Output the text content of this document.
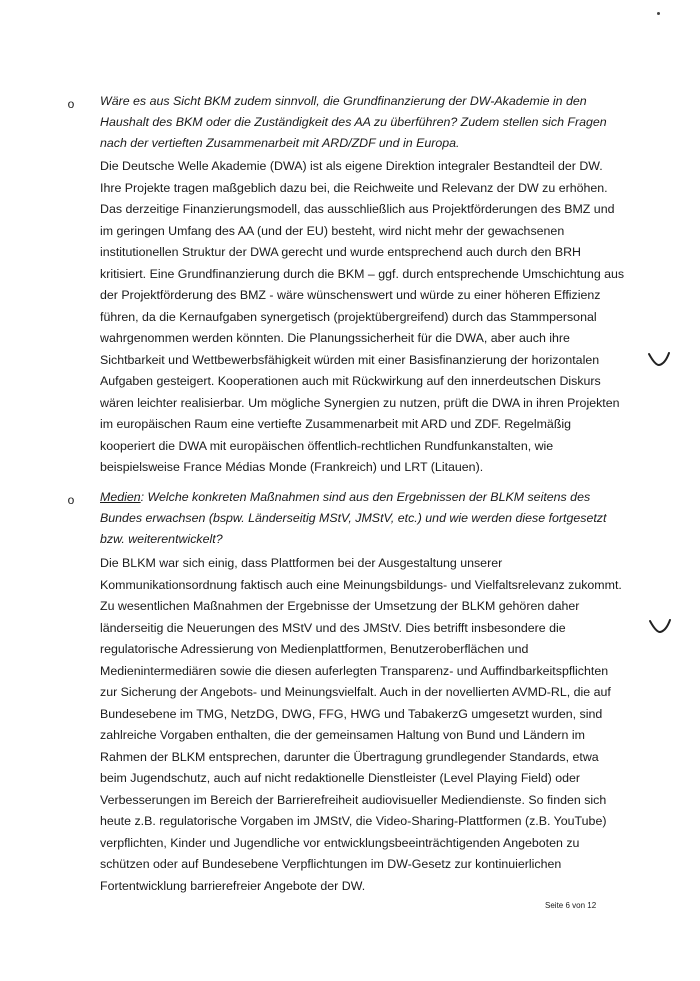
o Wäre es aus Sicht BKM zudem sinnvoll, die Grundfinanzierung der DW-Akademie in den Haushalt des BKM oder die Zuständigkeit des AA zu überführen? Zudem stellen sich Fragen nach der vertieften Zusammenarbeit mit ARD/ZDF und in Europa.

Die Deutsche Welle Akademie (DWA) ist als eigene Direktion integraler Bestandteil der DW. Ihre Projekte tragen maßgeblich dazu bei, die Reichweite und Relevanz der DW zu erhöhen. Das derzeitige Finanzierungsmodell, das ausschließlich aus Projektförderungen des BMZ und im geringen Umfang des AA (und der EU) besteht, wird nicht mehr der gewachsenen institutionellen Struktur der DWA gerecht und wurde entsprechend auch durch den BRH kritisiert. Eine Grundfinanzierung durch die BKM – ggf. durch entsprechende Umschichtung aus der Projektförderung des BMZ - wäre wünschenswert und würde zu einer höheren Effizienz führen, da die Kernaufgaben synergetisch (projektübergreifend) durch das Stammpersonal wahrgenommen werden könnten. Die Planungssicherheit für die DWA, aber auch ihre Sichtbarkeit und Wettbewerbsfähigkeit würden mit einer Basisfinanzierung der horizontalen Aufgaben gesteigert. Kooperationen auch mit Rückwirkung auf den innerdeutschen Diskurs wären leichter realisierbar. Um mögliche Synergien zu nutzen, prüft die DWA in ihren Projekten im europäischen Raum eine vertiefte Zusammenarbeit mit ARD und ZDF. Regelmäßig kooperiert die DWA mit europäischen öffentlich-rechtlichen Rundfunkanstalten, wie beispielsweise France Médias Monde (Frankreich) und LRT (Litauen).

o Medien: Welche konkreten Maßnahmen sind aus den Ergebnissen der BLKM seitens des Bundes erwachsen (bspw. Länderseitig MStV, JMStV, etc.) und wie werden diese fortgesetzt bzw. weiterentwickelt?

Die BLKM war sich einig, dass Plattformen bei der Ausgestaltung unserer Kommunikationsordnung faktisch auch eine Meinungsbildungs- und Vielfaltsrelevanz zukommt. Zu wesentlichen Maßnahmen der Ergebnisse der Umsetzung der BLKM gehören daher länderseitig die Neuerungen des MStV und des JMStV. Dies betrifft insbesondere die regulatorische Adressierung von Medienplattformen, Benutzeroberflächen und Medienintermediären sowie die diesen auferlegten Transparenz- und Auffindbarkeitspflichten zur Sicherung der Angebots- und Meinungsvielfalt. Auch in der novellierten AVMD-RL, die auf Bundesebene im TMG, NetzDG, DWG, FFG, HWG und TabakerzG umgesetzt wurden, sind zahlreiche Vorgaben enthalten, die der gemeinsamen Haltung von Bund und Ländern im Rahmen der BLKM entsprechen, darunter die Übertragung grundlegender Standards, etwa beim Jugendschutz, auch auf nicht redaktionelle Dienstleister (Level Playing Field) oder Verbesserungen im Bereich der Barrierefreiheit audiovisueller Mediendienste. So finden sich heute z.B. regulatorische Vorgaben im JMStV, die Video-Sharing-Plattformen (z.B. YouTube) verpflichten, Kinder und Jugendliche vor entwicklungsbeeinträchtigenden Angeboten zu schützen oder auf Bundesebene Verpflichtungen im DW-Gesetz zur kontinuierlichen Fortentwicklung barrierefreier Angebote der DW.

Seite 6 von 12
